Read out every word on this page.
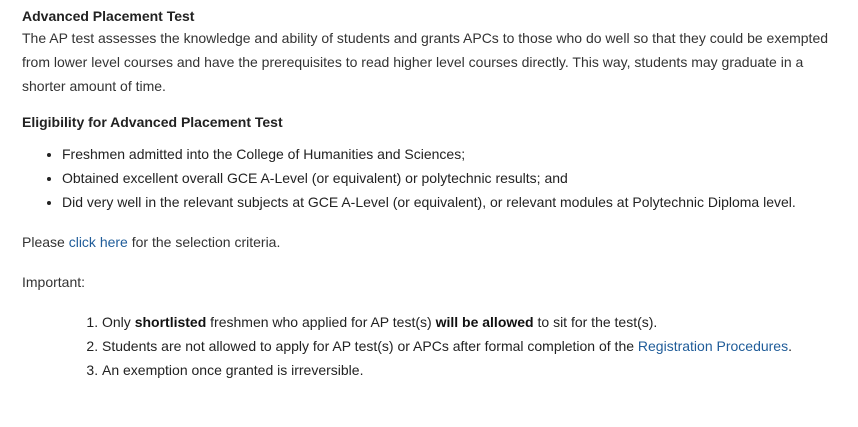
Advanced Placement Test

The AP test assesses the knowledge and ability of students and grants APCs to those who do well so that they could be exempted from lower level courses and have the prerequisites to read higher level courses directly. This way, students may graduate in a shorter amount of time.

Eligibility for Advanced Placement Test

• Freshmen admitted into the College of Humanities and Sciences;
• Obtained excellent overall GCE A-Level (or equivalent) or polytechnic results; and
• Did very well in the relevant subjects at GCE A-Level (or equivalent), or relevant modules at Polytechnic Diploma level.

Please click here for the selection criteria.

Important:

1. Only shortlisted freshmen who applied for AP test(s) will be allowed to sit for the test(s).
2. Students are not allowed to apply for AP test(s) or APCs after formal completion of the Registration Procedures.
3. An exemption once granted is irreversible.
